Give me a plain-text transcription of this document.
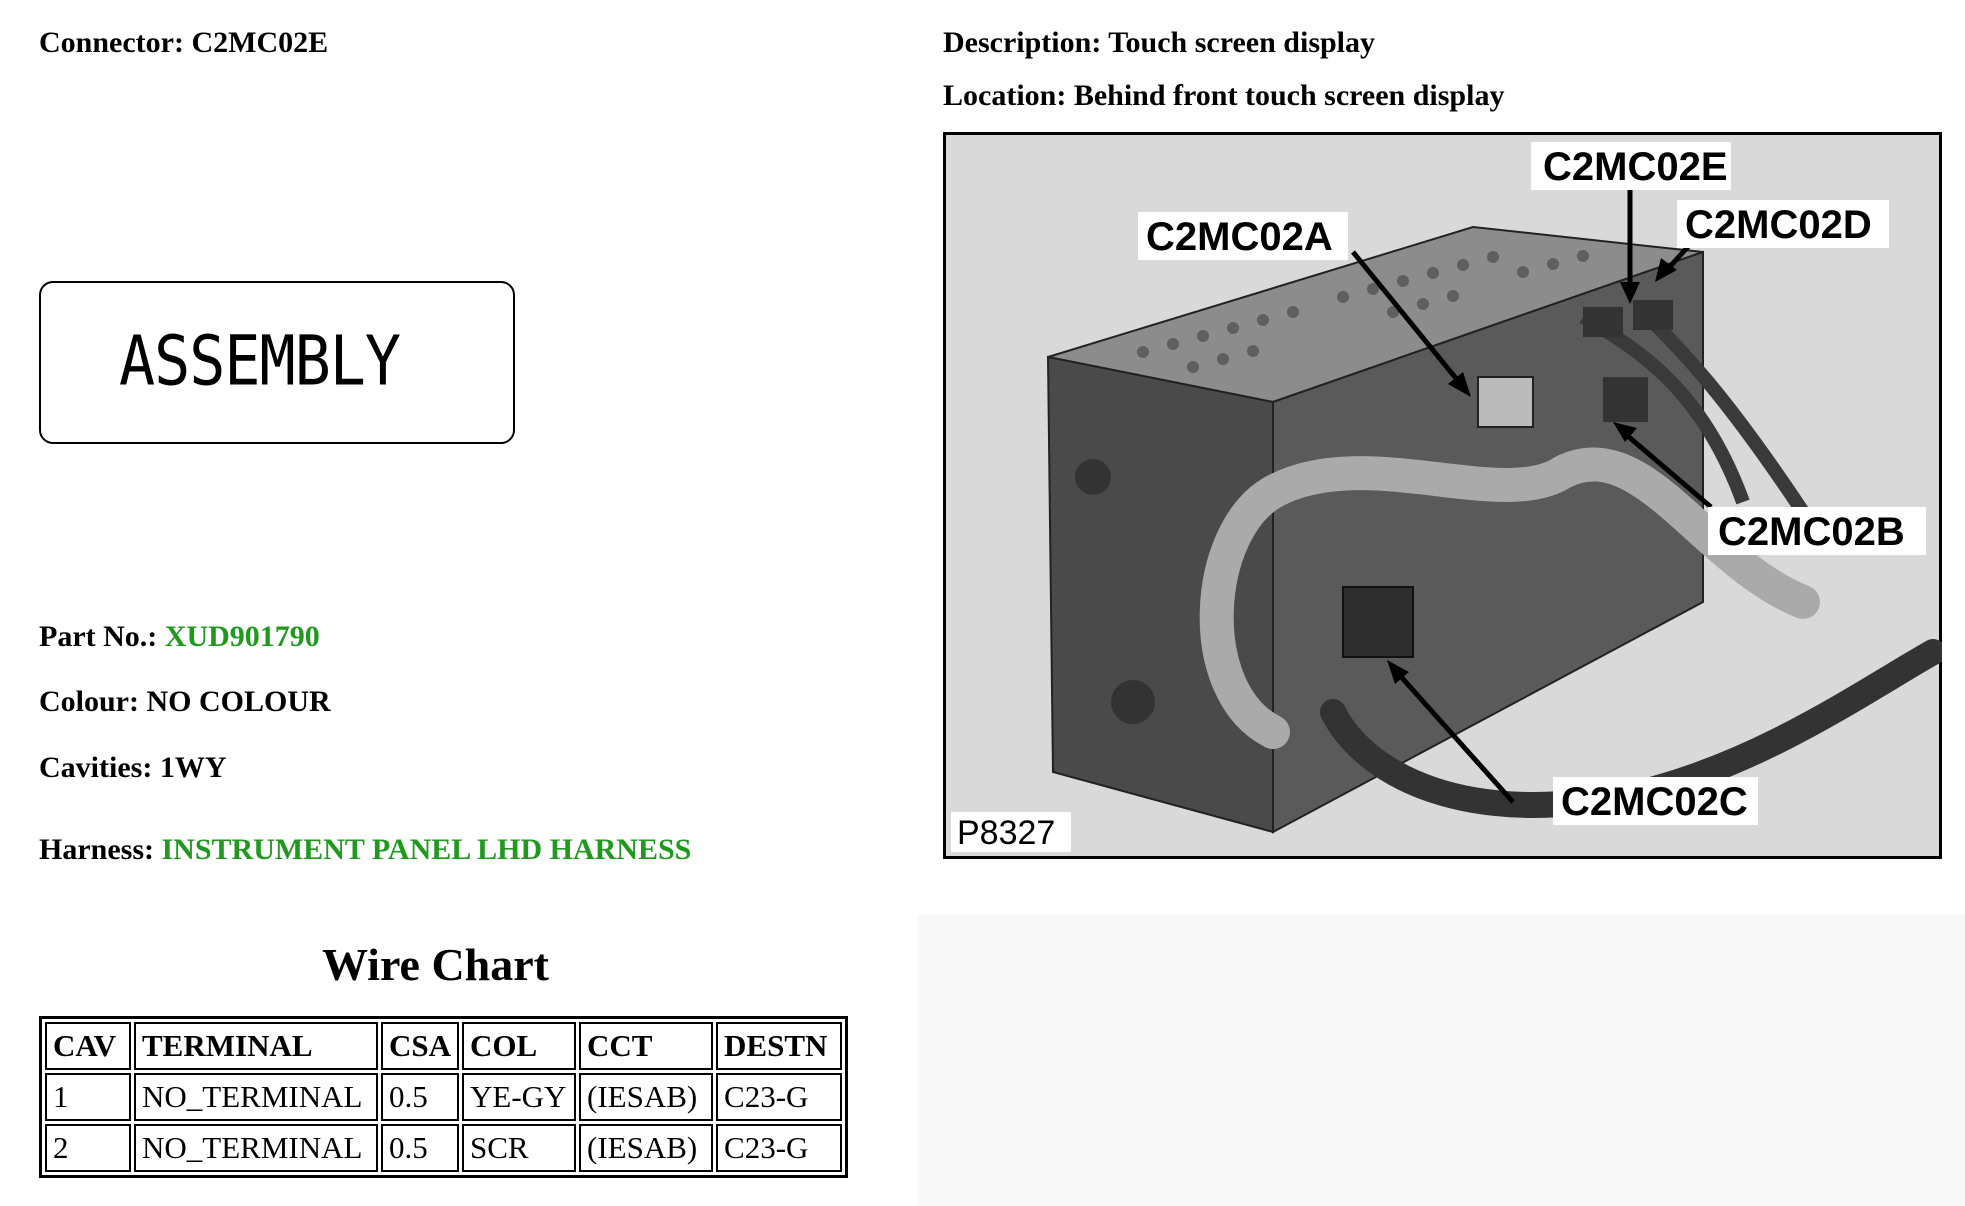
Connector: C2MC02E	Description: Touch screen display
Location: Behind front touch screen display
ASSEMBLY
Part No.: XUD901790
Colour: NO COLOUR
Cavities: 1WY
Harness: INSTRUMENT PANEL LHD HARNESS
Wire Chart
CAV	TERMINAL	CSA	COL	CCT	DESTN
1	NO_TERMINAL	0.5	YE-GY	(IESAB)	C23-G
2	NO_TERMINAL	0.5	SCR	(IESAB)	C23-G
C2MC02E
C2MC02A	C2MC02D
C2MC02B
C2MC02C
P8327
